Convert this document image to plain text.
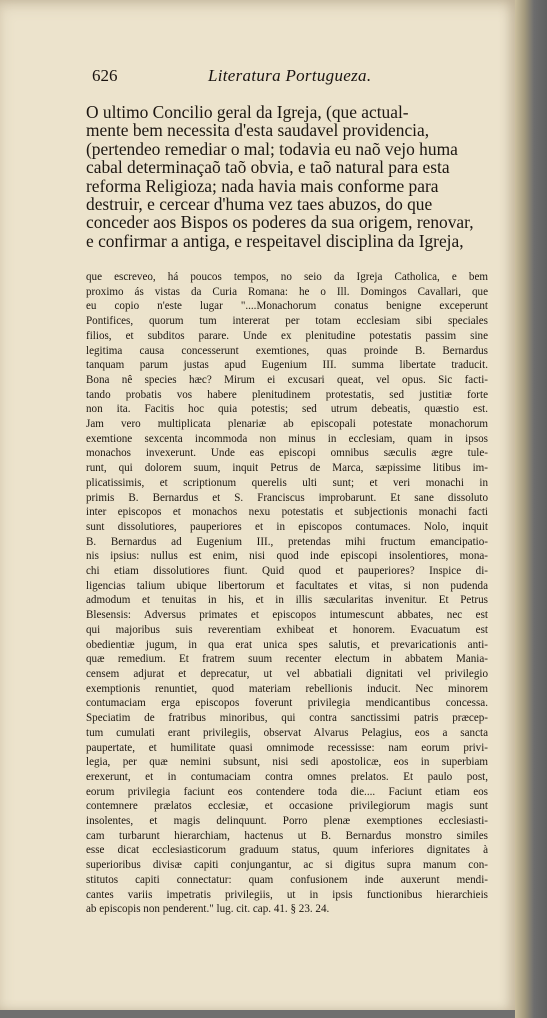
626	Literatura Portugueza.

O ultimo Concilio geral da Igreja, (que actual-
mente bem necessita d'esta saudavel providencia,
(pertendeo remediar o mal; todavia eu naõ vejo huma
cabal determinaçaõ taõ obvia, e taõ natural para esta
reforma Religioza; nada havia mais conforme para
destruir, e cercear d'huma vez taes abuzos, do que
conceder aos Bispos os poderes da sua origem, renovar,
e confirmar a antiga, e respeitavel disciplina da Igreja,

que escreveo, há poucos tempos, no seio da Igreja Catholica, e bem
proximo ás vistas da Curia Romana: he o Ill. Domingos Cavallari, que
eu copio n'este lugar "....Monachorum conatus benigne exceperunt
Pontifices, quorum tum intererat per totam ecclesiam sibi speciales
filios, et subditos parare. Unde ex plenitudine potestatis passim sine
legitima causa concesserunt exemtiones, quas proinde B. Bernardus
tanquam parum justas apud Eugenium III. summa libertate traducit.
Bona nê species hæc? Mirum ei excusari queat, vel opus. Sic facti-
tando probatis vos habere plenitudinem protestatis, sed justitiæ forte
non ita. Facitis hoc quia potestis; sed utrum debeatis, quæstio est.
Jam vero multiplicata plenariæ ab episcopali potestate monachorum
exemtione sexcenta incommoda non minus in ecclesiam, quam in ipsos
monachos invexerunt. Unde eas episcopi omnibus sæculis ægre tule-
runt, qui dolorem suum, inquit Petrus de Marca, sæpissime litibus im-
plicatissimis, et scriptionum querelis ulti sunt; et veri monachi in
primis B. Bernardus et S. Franciscus improbarunt. Et sane dissoluto
inter episcopos et monachos nexu potestatis et subjectionis monachi facti
sunt dissolutiores, pauperiores et in episcopos contumaces. Nolo, inquit
B. Bernardus ad Eugenium III., pretendas mihi fructum emancipatio-
nis ipsius: nullus est enim, nisi quod inde episcopi insolentiores, mona-
chi etiam dissolutiores fiunt. Quid quod et pauperiores? Inspice di-
ligencias talium ubique libertorum et facultates et vitas, si non pudenda
admodum et tenuitas in his, et in illis sæcularitas invenitur. Et Petrus
Blesensis: Adversus primates et episcopos intumescunt abbates, nec est
qui majoribus suis reverentiam exhibeat et honorem. Evacuatum est
obedientiæ jugum, in qua erat unica spes salutis, et prevaricationis anti-
quæ remedium. Et fratrem suum recenter electum in abbatem Mania-
censem adjurat et deprecatur, ut vel abbatiali dignitati vel privilegio
exemptionis renuntiet, quod materiam rebellionis inducit. Nec minorem
contumaciam erga episcopos foverunt privilegia mendicantibus concessa.
Speciatim de fratribus minoribus, qui contra sanctissimi patris præcep-
tum cumulati erant privilegiis, observat Alvarus Pelagius, eos a sancta
paupertate, et humilitate quasi omnimode recessisse: nam eorum privi-
legia, per quæ nemini subsunt, nisi sedi apostolicæ, eos in superbiam
erexerunt, et in contumaciam contra omnes prelatos. Et paulo post,
eorum privilegia faciunt eos contendere toda die.... Faciunt etiam eos
contemnere prælatos ecclesiæ, et occasione privilegiorum magis sunt
insolentes, et magis delinquunt. Porro plenæ exemptiones ecclesiasti-
cam turbarunt hierarchiam, hactenus ut B. Bernardus monstro similes
esse dicat ecclesiasticorum graduum status, quum inferiores dignitates à
superioribus divisæ capiti conjungantur, ac si digitus supra manum con-
stitutos capiti connectatur: quam confusionem inde auxerunt mendi-
cantes variis impetratis privilegiis, ut in ipsis functionibus hierarchieis
ab episcopis non penderent." lug. cit. cap. 41. § 23. 24.
